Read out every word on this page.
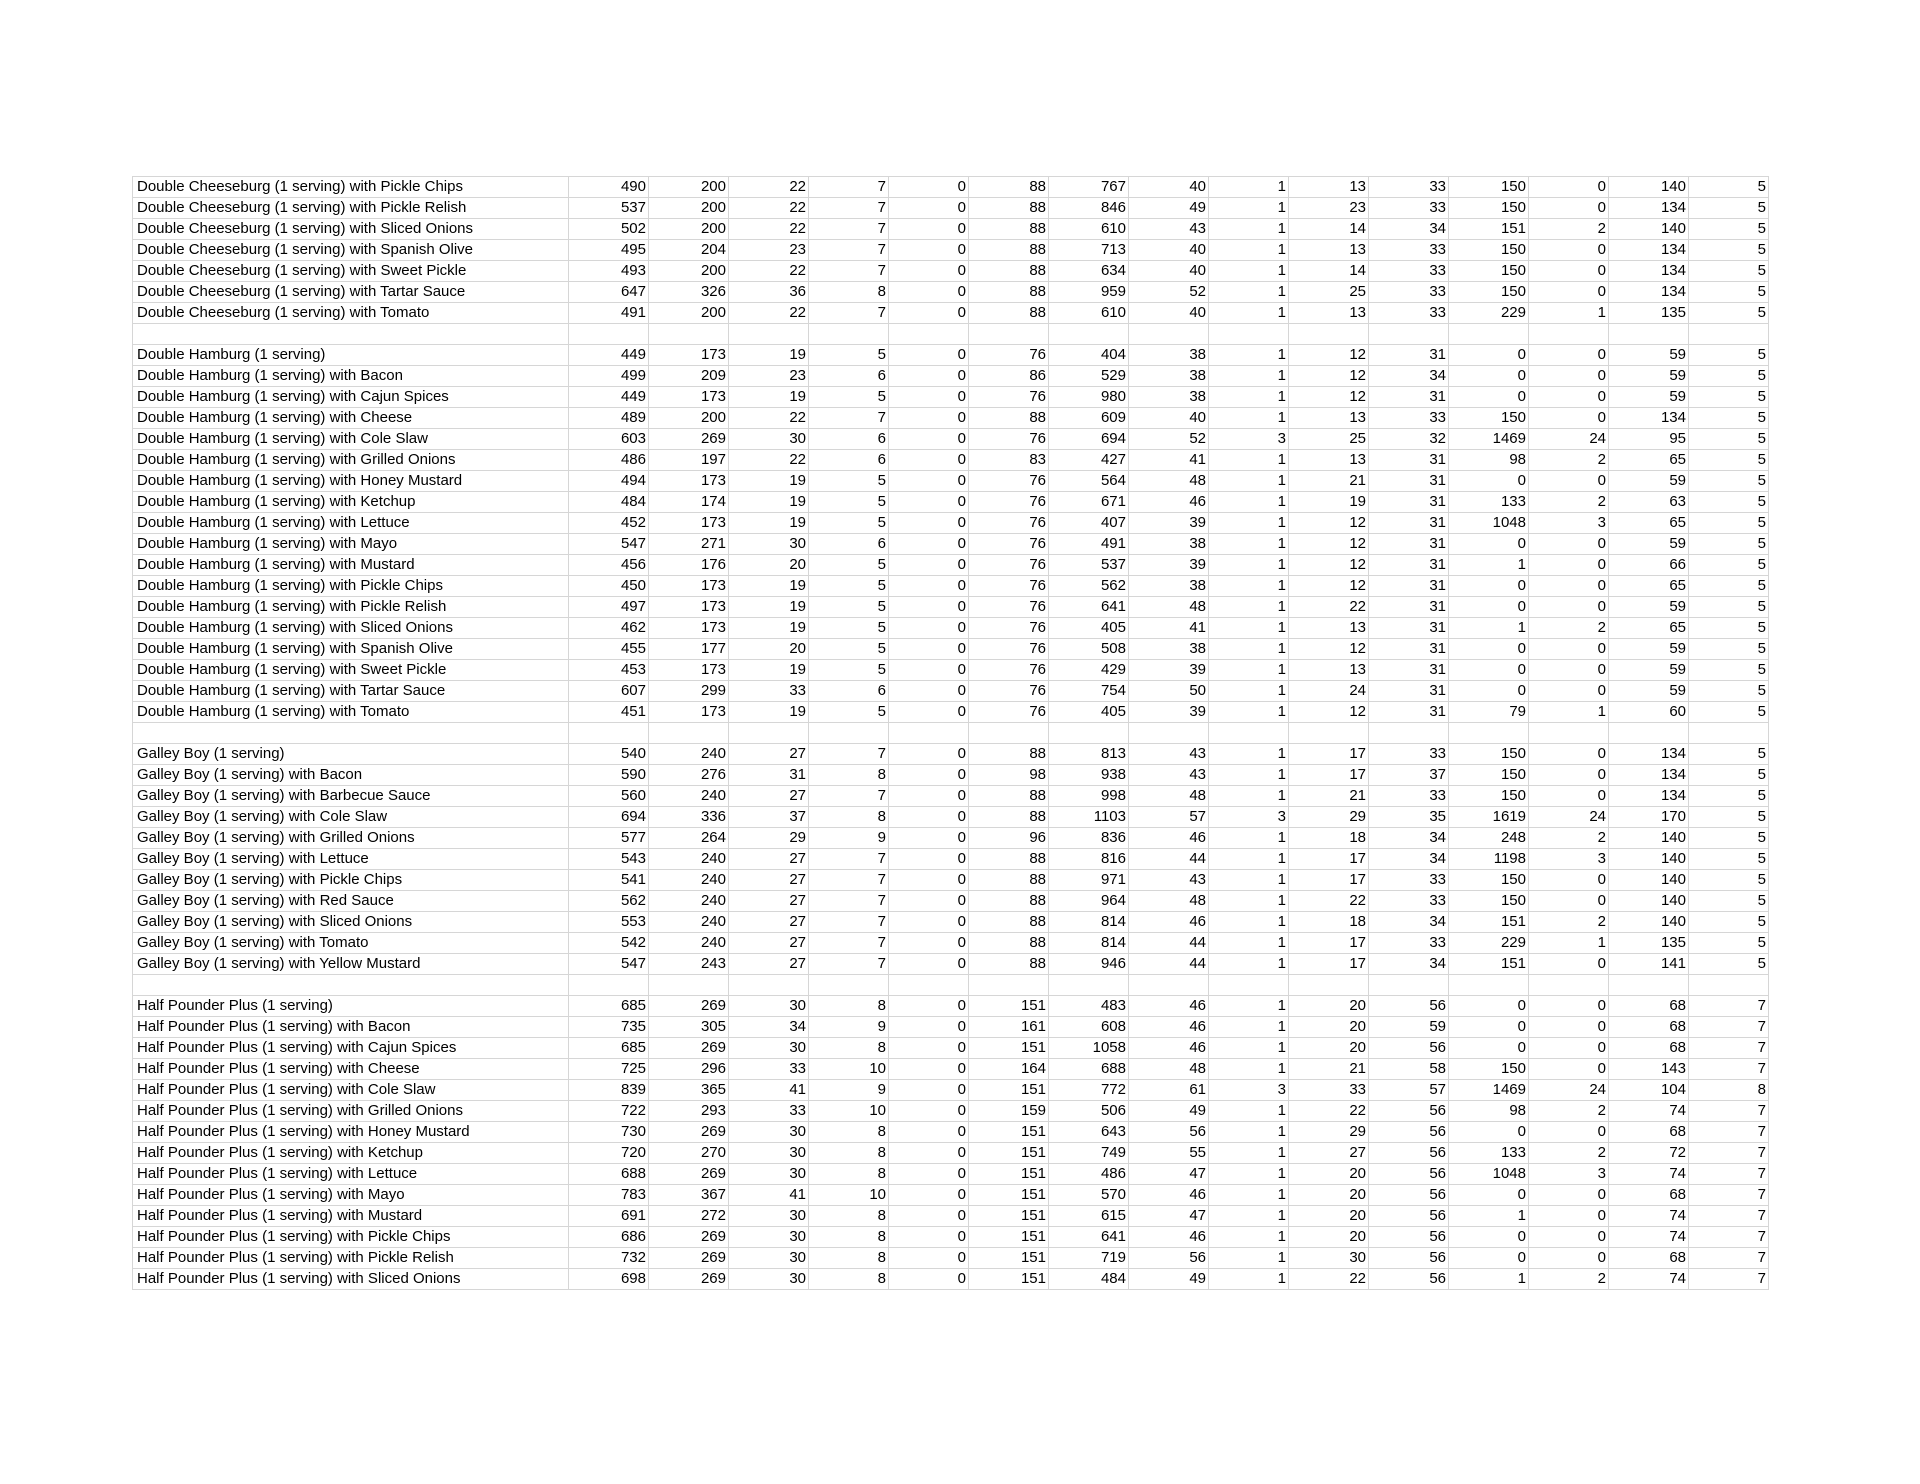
Double Cheeseburg (1 serving) with Pickle Chips	490	200	22	7	0	88	767	40	1	13	33	150	0	140	5
Double Cheeseburg (1 serving) with Pickle Relish	537	200	22	7	0	88	846	49	1	23	33	150	0	134	5
Double Cheeseburg (1 serving) with Sliced Onions	502	200	22	7	0	88	610	43	1	14	34	151	2	140	5
Double Cheeseburg (1 serving) with Spanish Olive	495	204	23	7	0	88	713	40	1	13	33	150	0	134	5
Double Cheeseburg (1 serving) with Sweet Pickle	493	200	22	7	0	88	634	40	1	14	33	150	0	134	5
Double Cheeseburg (1 serving) with Tartar Sauce	647	326	36	8	0	88	959	52	1	25	33	150	0	134	5
Double Cheeseburg (1 serving) with Tomato	491	200	22	7	0	88	610	40	1	13	33	229	1	135	5

Double Hamburg (1 serving)	449	173	19	5	0	76	404	38	1	12	31	0	0	59	5
Double Hamburg (1 serving) with Bacon	499	209	23	6	0	86	529	38	1	12	34	0	0	59	5
Double Hamburg (1 serving) with Cajun Spices	449	173	19	5	0	76	980	38	1	12	31	0	0	59	5
Double Hamburg (1 serving) with Cheese	489	200	22	7	0	88	609	40	1	13	33	150	0	134	5
Double Hamburg (1 serving) with Cole Slaw	603	269	30	6	0	76	694	52	3	25	32	1469	24	95	5
Double Hamburg (1 serving) with Grilled Onions	486	197	22	6	0	83	427	41	1	13	31	98	2	65	5
Double Hamburg (1 serving) with Honey Mustard	494	173	19	5	0	76	564	48	1	21	31	0	0	59	5
Double Hamburg (1 serving) with Ketchup	484	174	19	5	0	76	671	46	1	19	31	133	2	63	5
Double Hamburg (1 serving) with Lettuce	452	173	19	5	0	76	407	39	1	12	31	1048	3	65	5
Double Hamburg (1 serving) with Mayo	547	271	30	6	0	76	491	38	1	12	31	0	0	59	5
Double Hamburg (1 serving) with Mustard	456	176	20	5	0	76	537	39	1	12	31	1	0	66	5
Double Hamburg (1 serving) with Pickle Chips	450	173	19	5	0	76	562	38	1	12	31	0	0	65	5
Double Hamburg (1 serving) with Pickle Relish	497	173	19	5	0	76	641	48	1	22	31	0	0	59	5
Double Hamburg (1 serving) with Sliced Onions	462	173	19	5	0	76	405	41	1	13	31	1	2	65	5
Double Hamburg (1 serving) with Spanish Olive	455	177	20	5	0	76	508	38	1	12	31	0	0	59	5
Double Hamburg (1 serving) with Sweet Pickle	453	173	19	5	0	76	429	39	1	13	31	0	0	59	5
Double Hamburg (1 serving) with Tartar Sauce	607	299	33	6	0	76	754	50	1	24	31	0	0	59	5
Double Hamburg (1 serving) with Tomato	451	173	19	5	0	76	405	39	1	12	31	79	1	60	5

Galley Boy (1 serving)	540	240	27	7	0	88	813	43	1	17	33	150	0	134	5
Galley Boy (1 serving) with Bacon	590	276	31	8	0	98	938	43	1	17	37	150	0	134	5
Galley Boy (1 serving) with Barbecue Sauce	560	240	27	7	0	88	998	48	1	21	33	150	0	134	5
Galley Boy (1 serving) with Cole Slaw	694	336	37	8	0	88	1103	57	3	29	35	1619	24	170	5
Galley Boy (1 serving) with Grilled Onions	577	264	29	9	0	96	836	46	1	18	34	248	2	140	5
Galley Boy (1 serving) with Lettuce	543	240	27	7	0	88	816	44	1	17	34	1198	3	140	5
Galley Boy (1 serving) with Pickle Chips	541	240	27	7	0	88	971	43	1	17	33	150	0	140	5
Galley Boy (1 serving) with Red Sauce	562	240	27	7	0	88	964	48	1	22	33	150	0	140	5
Galley Boy (1 serving) with Sliced Onions	553	240	27	7	0	88	814	46	1	18	34	151	2	140	5
Galley Boy (1 serving) with Tomato	542	240	27	7	0	88	814	44	1	17	33	229	1	135	5
Galley Boy (1 serving) with Yellow Mustard	547	243	27	7	0	88	946	44	1	17	34	151	0	141	5

Half Pounder Plus (1 serving)	685	269	30	8	0	151	483	46	1	20	56	0	0	68	7
Half Pounder Plus (1 serving) with Bacon	735	305	34	9	0	161	608	46	1	20	59	0	0	68	7
Half Pounder Plus (1 serving) with Cajun Spices	685	269	30	8	0	151	1058	46	1	20	56	0	0	68	7
Half Pounder Plus (1 serving) with Cheese	725	296	33	10	0	164	688	48	1	21	58	150	0	143	7
Half Pounder Plus (1 serving) with Cole Slaw	839	365	41	9	0	151	772	61	3	33	57	1469	24	104	8
Half Pounder Plus (1 serving) with Grilled Onions	722	293	33	10	0	159	506	49	1	22	56	98	2	74	7
Half Pounder Plus (1 serving) with Honey Mustard	730	269	30	8	0	151	643	56	1	29	56	0	0	68	7
Half Pounder Plus (1 serving) with Ketchup	720	270	30	8	0	151	749	55	1	27	56	133	2	72	7
Half Pounder Plus (1 serving) with Lettuce	688	269	30	8	0	151	486	47	1	20	56	1048	3	74	7
Half Pounder Plus (1 serving) with Mayo	783	367	41	10	0	151	570	46	1	20	56	0	0	68	7
Half Pounder Plus (1 serving) with Mustard	691	272	30	8	0	151	615	47	1	20	56	1	0	74	7
Half Pounder Plus (1 serving) with Pickle Chips	686	269	30	8	0	151	641	46	1	20	56	0	0	74	7
Half Pounder Plus (1 serving) with Pickle Relish	732	269	30	8	0	151	719	56	1	30	56	0	0	68	7
Half Pounder Plus (1 serving) with Sliced Onions	698	269	30	8	0	151	484	49	1	22	56	1	2	74	7
